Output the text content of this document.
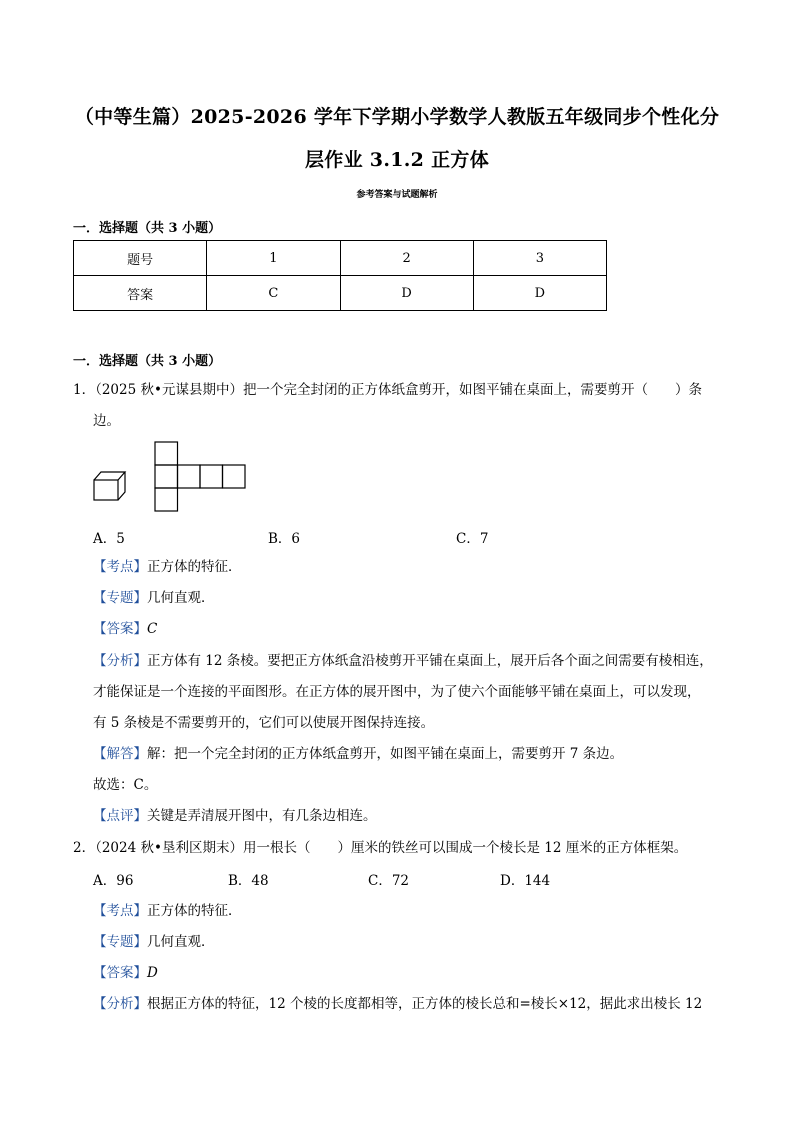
（中等生篇）2025-2026 学年下学期小学数学人教版五年级同步个性化分
层作业 3.1.2 正方体
参考答案与试题解析
一．选择题（共 3 小题）
题号	1	2	3
答案	C	D	D
一．选择题（共 3 小题）
1．（2025 秋•元谋县期中）把一个完全封闭的正方体纸盒剪开，如图平铺在桌面上，需要剪开（　　）条
边。
A．5	B．6	C．7
【考点】正方体的特征．
【专题】几何直观．
【答案】C
【分析】正方体有 12 条棱。要把正方体纸盒沿棱剪开平铺在桌面上，展开后各个面之间需要有棱相连，
才能保证是一个连接的平面图形。在正方体的展开图中，为了使六个面能够平铺在桌面上，可以发现，
有 5 条棱是不需要剪开的，它们可以使展开图保持连接。
【解答】解：把一个完全封闭的正方体纸盒剪开，如图平铺在桌面上，需要剪开 7 条边。
故选：C。
【点评】关键是弄清展开图中，有几条边相连。
2．（2024 秋•垦利区期末）用一根长（　　）厘米的铁丝可以围成一个棱长是 12 厘米的正方体框架。
A．96	B．48	C．72	D．144
【考点】正方体的特征．
【专题】几何直观．
【答案】D
【分析】根据正方体的特征，12 个棱的长度都相等，正方体的棱长总和=棱长×12，据此求出棱长 12
